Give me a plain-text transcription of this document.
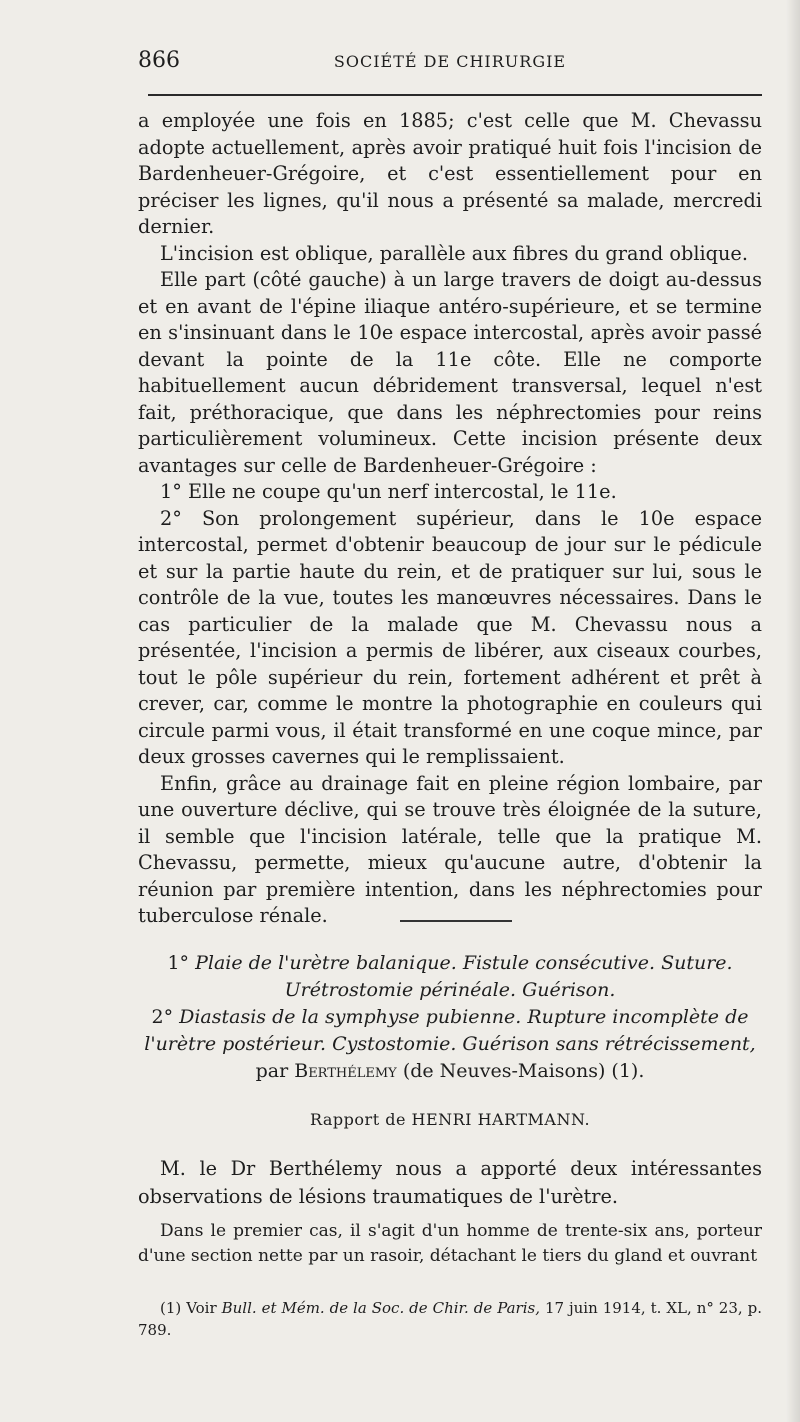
866	SOCIÉTÉ DE CHIRURGIE

a employée une fois en 1885; c'est celle que M. Chevassu adopte actuellement, après avoir pratiqué huit fois l'incision de Bardenheuer-Grégoire, et c'est essentiellement pour en préciser les lignes, qu'il nous a présenté sa malade, mercredi dernier.

L'incision est oblique, parallèle aux fibres du grand oblique.

Elle part (côté gauche) à un large travers de doigt au-dessus et en avant de l'épine iliaque antéro-supérieure, et se termine en s'insinuant dans le 10e espace intercostal, après avoir passé devant la pointe de la 11e côte. Elle ne comporte habituellement aucun débridement transversal, lequel n'est fait, préthoracique, que dans les néphrectomies pour reins particulièrement volumineux. Cette incision présente deux avantages sur celle de Bardenheuer-Grégoire :

1° Elle ne coupe qu'un nerf intercostal, le 11e.

2° Son prolongement supérieur, dans le 10e espace intercostal, permet d'obtenir beaucoup de jour sur le pédicule et sur la partie haute du rein, et de pratiquer sur lui, sous le contrôle de la vue, toutes les manœuvres nécessaires. Dans le cas particulier de la malade que M. Chevassu nous a présentée, l'incision a permis de libérer, aux ciseaux courbes, tout le pôle supérieur du rein, fortement adhérent et prêt à crever, car, comme le montre la photographie en couleurs qui circule parmi vous, il était transformé en une coque mince, par deux grosses cavernes qui le remplissaient.

Enfin, grâce au drainage fait en pleine région lombaire, par une ouverture déclive, qui se trouve très éloignée de la suture, il semble que l'incision latérale, telle que la pratique M. Chevassu, permette, mieux qu'aucune autre, d'obtenir la réunion par première intention, dans les néphrectomies pour tuberculose rénale.

1° Plaie de l'urètre balanique. Fistule consécutive. Suture. Urétrostomie périnéale. Guérison.

2° Diastasis de la symphyse pubienne. Rupture incomplète de l'urètre postérieur. Cystostomie. Guérison sans rétrécissement,

par Berthélemy (de Neuves-Maisons) (1).

Rapport de HENRI HARTMANN.

M. le Dr Berthélemy nous a apporté deux intéressantes observations de lésions traumatiques de l'urètre.

Dans le premier cas, il s'agit d'un homme de trente-six ans, porteur d'une section nette par un rasoir, détachant le tiers du gland et ouvrant

(1) Voir Bull. et Mém. de la Soc. de Chir. de Paris, 17 juin 1914, t. XL, n° 23, p. 789.
